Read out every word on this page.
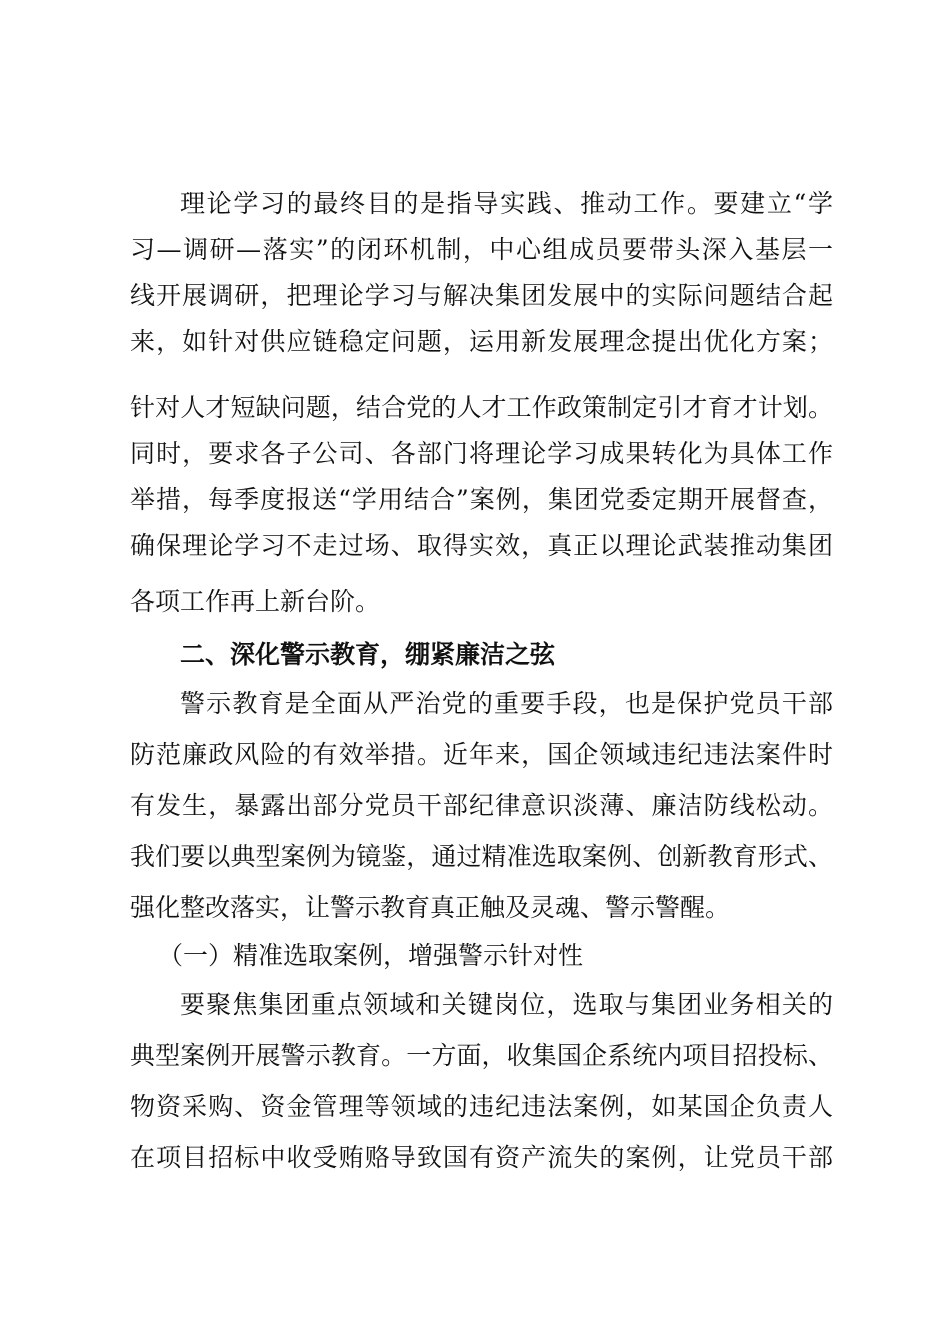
理论学习的最终目的是指导实践、推动工作。要建立“学
习—调研—落实”的闭环机制，中心组成员要带头深入基层一
线开展调研，把理论学习与解决集团发展中的实际问题结合起
来，如针对供应链稳定问题，运用新发展理念提出优化方案；
针对人才短缺问题，结合党的人才工作政策制定引才育才计划。
同时，要求各子公司、各部门将理论学习成果转化为具体工作
举措，每季度报送“学用结合”案例，集团党委定期开展督查，
确保理论学习不走过场、取得实效，真正以理论武装推动集团
各项工作再上新台阶。
二、深化警示教育，绷紧廉洁之弦
警示教育是全面从严治党的重要手段，也是保护党员干部
防范廉政风险的有效举措。近年来，国企领域违纪违法案件时
有发生，暴露出部分党员干部纪律意识淡薄、廉洁防线松动。
我们要以典型案例为镜鉴，通过精准选取案例、创新教育形式、
强化整改落实，让警示教育真正触及灵魂、警示警醒。
（一）精准选取案例，增强警示针对性
要聚焦集团重点领域和关键岗位，选取与集团业务相关的
典型案例开展警示教育。一方面，收集国企系统内项目招投标、
物资采购、资金管理等领域的违纪违法案例，如某国企负责人
在项目招标中收受贿赂导致国有资产流失的案例，让党员干部
